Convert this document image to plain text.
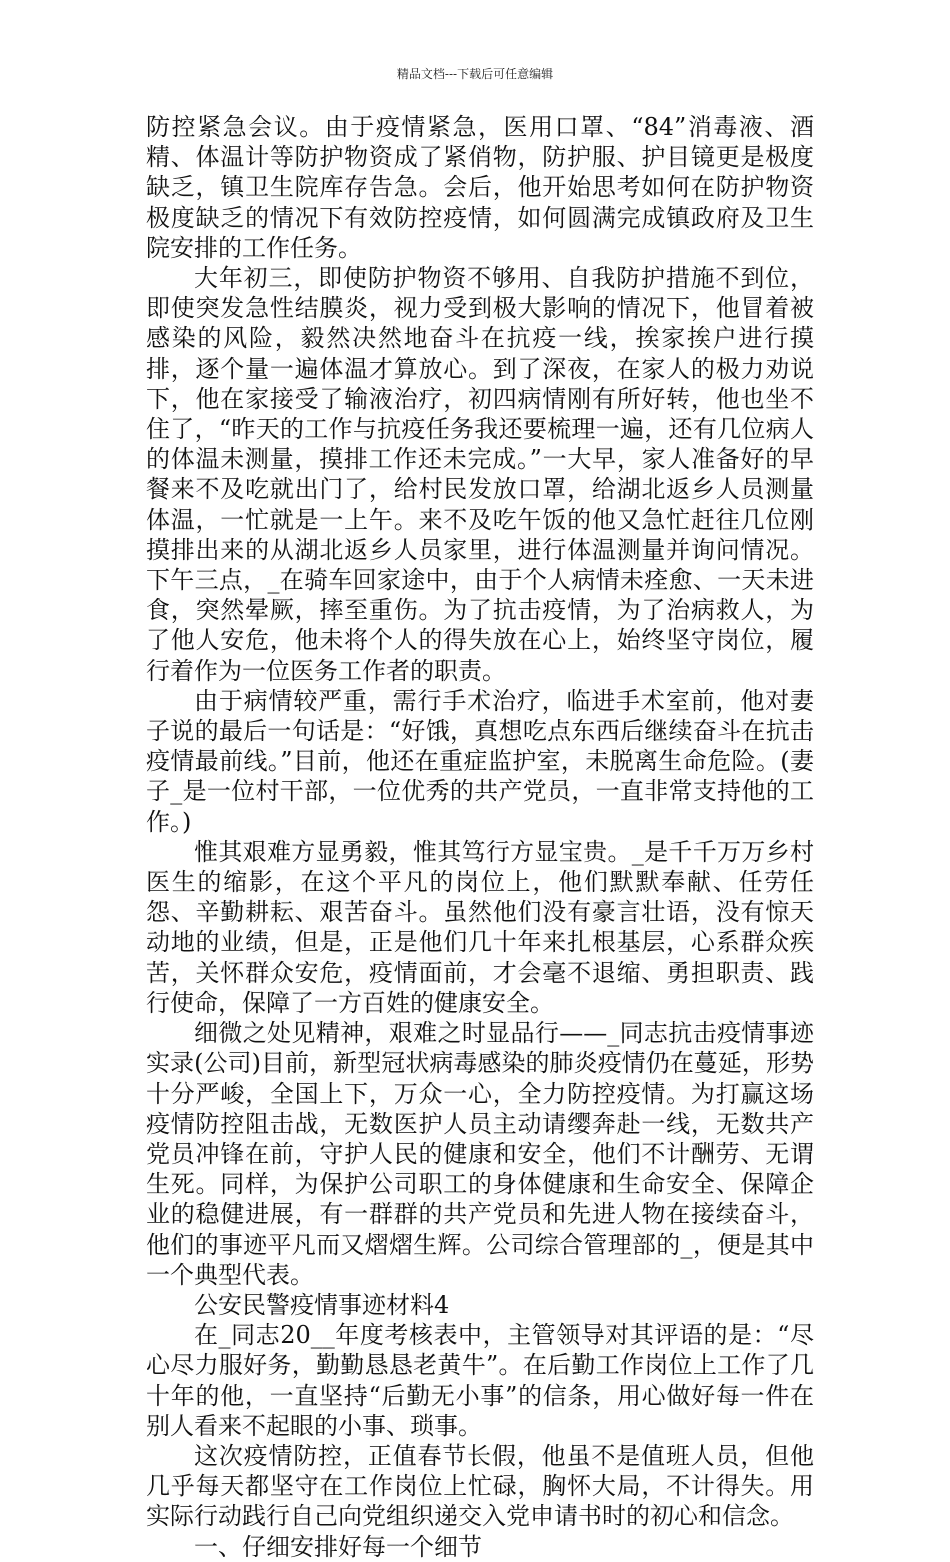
精品文档---下载后可任意编辑

防控紧急会议。由于疫情紧急，医用口罩、“84”消毒液、酒精、体温计等防护物资成了紧俏物，防护服、护目镜更是极度缺乏，镇卫生院库存告急。会后，他开始思考如何在防护物资极度缺乏的情况下有效防控疫情，如何圆满完成镇政府及卫生院安排的工作任务。

大年初三，即使防护物资不够用、自我防护措施不到位，即使突发急性结膜炎，视力受到极大影响的情况下，他冒着被感染的风险，毅然决然地奋斗在抗疫一线，挨家挨户进行摸排，逐个量一遍体温才算放心。到了深夜，在家人的极力劝说下，他在家接受了输液治疗，初四病情刚有所好转，他也坐不住了，“昨天的工作与抗疫任务我还要梳理一遍，还有几位病人的体温未测量，摸排工作还未完成。”一大早，家人准备好的早餐来不及吃就出门了，给村民发放口罩，给湖北返乡人员测量体温，一忙就是一上午。来不及吃午饭的他又急忙赶往几位刚摸排出来的从湖北返乡人员家里，进行体温测量并询问情况。下午三点，_在骑车回家途中，由于个人病情未痊愈、一天未进食，突然晕厥，摔至重伤。为了抗击疫情，为了治病救人，为了他人安危，他未将个人的得失放在心上，始终坚守岗位，履行着作为一位医务工作者的职责。

由于病情较严重，需行手术治疗，临进手术室前，他对妻子说的最后一句话是：“好饿，真想吃点东西后继续奋斗在抗击疫情最前线。”目前，他还在重症监护室，未脱离生命危险。(妻子_是一位村干部，一位优秀的共产党员，一直非常支持他的工作。)

惟其艰难方显勇毅，惟其笃行方显宝贵。_是千千万万乡村医生的缩影，在这个平凡的岗位上，他们默默奉献、任劳任怨、辛勤耕耘、艰苦奋斗。虽然他们没有豪言壮语，没有惊天动地的业绩，但是，正是他们几十年来扎根基层，心系群众疾苦，关怀群众安危，疫情面前，才会毫不退缩、勇担职责、践行使命，保障了一方百姓的健康安全。

细微之处见精神，艰难之时显品行——_同志抗击疫情事迹实录(公司)目前，新型冠状病毒感染的肺炎疫情仍在蔓延，形势十分严峻，全国上下，万众一心，全力防控疫情。为打赢这场疫情防控阻击战，无数医护人员主动请缨奔赴一线，无数共产党员冲锋在前，守护人民的健康和安全，他们不计酬劳、无谓生死。同样，为保护公司职工的身体健康和生命安全、保障企业的稳健进展，有一群群的共产党员和先进人物在接续奋斗，他们的事迹平凡而又熠熠生辉。公司综合管理部的_，便是其中一个典型代表。

公安民警疫情事迹材料4

在_同志20__年度考核表中，主管领导对其评语的是：“尽心尽力服好务，勤勤恳恳老黄牛”。在后勤工作岗位上工作了几十年的他，一直坚持“后勤无小事”的信条，用心做好每一件在别人看来不起眼的小事、琐事。

这次疫情防控，正值春节长假，他虽不是值班人员，但他几乎每天都坚守在工作岗位上忙碌，胸怀大局，不计得失。用实际行动践行自己向党组织递交入党申请书时的初心和信念。

一、仔细安排好每一个细节
